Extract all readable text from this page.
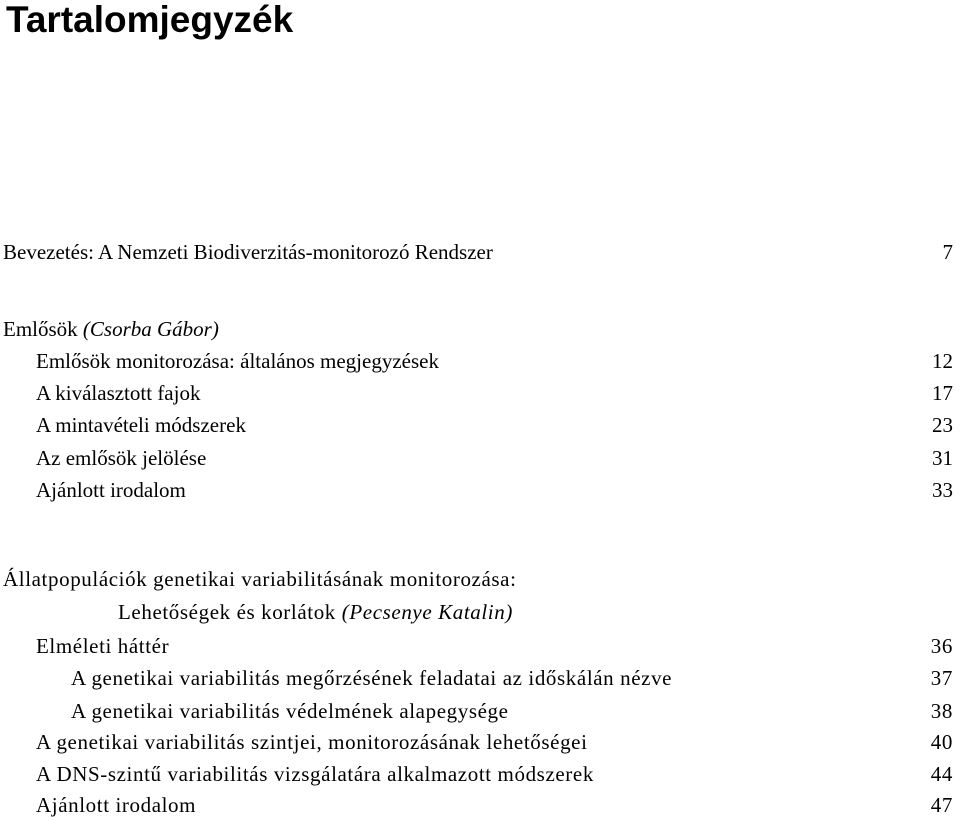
Tartalomjegyzék
Bevezetés: A Nemzeti Biodiverzitás-monitorozó Rendszer	7
Emlősök (Csorba Gábor)
Emlősök monitorozása: általános megjegyzések	12
A kiválasztott fajok	17
A mintavételi módszerek	23
Az emlősök jelölése	31
Ajánlott irodalom	33
Állatpopulációk genetikai variabilitásának monitorozása:
Lehetőségek és korlátok (Pecsenye Katalin)
Elméleti háttér	36
A genetikai variabilitás megőrzésének feladatai az időskálán nézve	37
A genetikai variabilitás védelmének alapegysége	38
A genetikai variabilitás szintjei, monitorozásának lehetőségei	40
A DNS-szintű variabilitás vizsgálatára alkalmazott módszerek	44
Ajánlott irodalom	47
